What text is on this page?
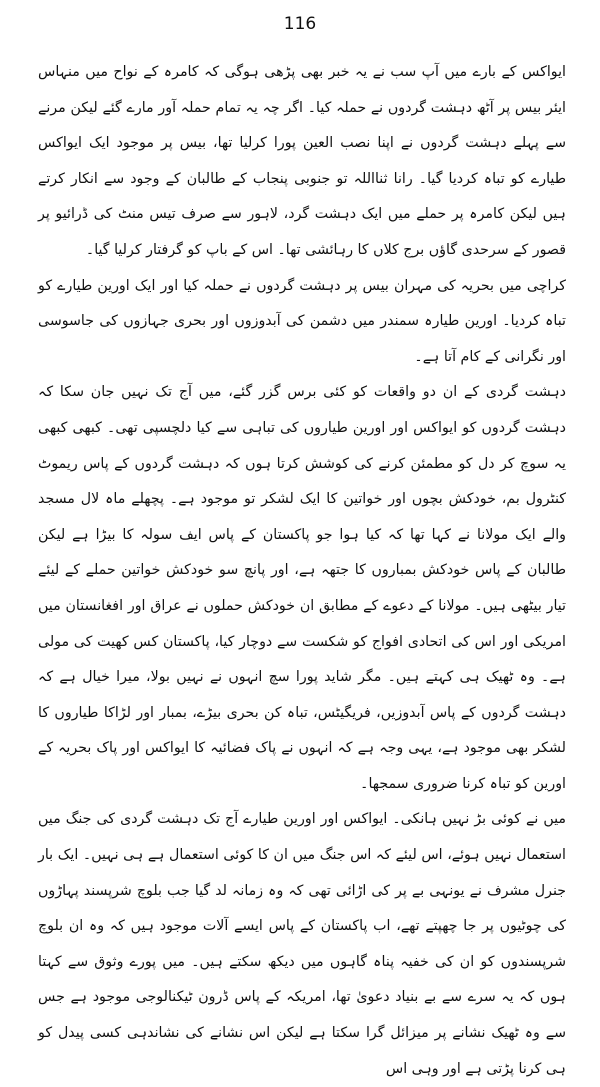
116

ایواکس کے بارے میں آپ سب نے یہ خبر بھی پڑھی ہوگی کہ کامرہ کے نواح میں منہاس ایئر بیس پر آٹھ دہشت گردوں نے حملہ کیا۔ اگر چہ یہ تمام حملہ آور مارے گئے لیکن مرنے سے پہلے دہشت گردوں نے اپنا نصب العین پورا کرلیا تھا، بیس پر موجود ایک ایواکس طیارے کو تباہ کردیا گیا۔ رانا ثنااللہ تو جنوبی پنجاب کے طالبان کے وجود سے انکار کرتے ہیں لیکن کامرہ پر حملے میں ایک دہشت گرد، لاہور سے صرف تیس منٹ کی ڈرائیو پر قصور کے سرحدی گاؤں برج کلاں کا رہائشی تھا۔ اس کے باپ کو گرفتار کرلیا گیا۔

کراچی میں بحریہ کی مہران بیس پر دہشت گردوں نے حملہ کیا اور ایک اورین طیارے کو تباہ کردیا۔ اورین طیارہ سمندر میں دشمن کی آبدوزوں اور بحری جہازوں کی جاسوسی اور نگرانی کے کام آتا ہے۔

دہشت گردی کے ان دو واقعات کو کئی برس گزر گئے، میں آج تک نہیں جان سکا کہ دہشت گردوں کو ایواکس اور اورین طیاروں کی تباہی سے کیا دلچسپی تھی۔ کبھی کبھی یہ سوچ کر دل کو مطمئن کرنے کی کوشش کرتا ہوں کہ دہشت گردوں کے پاس ریموٹ کنٹرول بم، خودکش بچوں اور خواتین کا ایک لشکر تو موجود ہے۔ پچھلے ماہ لال مسجد والے ایک مولانا نے کہا تھا کہ کیا ہوا جو پاکستان کے پاس ایف سولہ کا بیڑا ہے لیکن طالبان کے پاس خودکش بمباروں کا جتھہ ہے، اور پانچ سو خودکش خواتین حملے کے لیئے تیار بیٹھی ہیں۔ مولانا کے دعوے کے مطابق ان خودکش حملوں نے عراق اور افغانستان میں امریکی اور اس کی اتحادی افواج کو شکست سے دوچار کیا، پاکستان کس کھیت کی مولی ہے۔ وہ ٹھیک ہی کہتے ہیں۔ مگر شاید پورا سچ انہوں نے نہیں بولا، میرا خیال ہے کہ دہشت گردوں کے پاس آبدوزیں، فریگیٹس، تباہ کن بحری بیڑے، بمبار اور لڑاکا طیاروں کا لشکر بھی موجود ہے، یہی وجہ ہے کہ انہوں نے پاک فضائیہ کا ایواکس اور پاک بحریہ کے اورین کو تباہ کرنا ضروری سمجھا۔

میں نے کوئی بڑ نہیں ہانکی۔ ایواکس اور اورین طیارے آج تک دہشت گردی کی جنگ میں استعمال نہیں ہوئے، اس لیئے کہ اس جنگ میں ان کا کوئی استعمال ہے ہی نہیں۔ ایک بار جنرل مشرف نے یونہی بے پر کی اڑائی تھی کہ وہ زمانہ لد گیا جب بلوچ شرپسند پہاڑوں کی چوٹیوں پر جا چھپتے تھے، اب پاکستان کے پاس ایسے آلات موجود ہیں کہ وہ ان بلوچ شرپسندوں کو ان کی خفیہ پناہ گاہوں میں دیکھ سکتے ہیں۔ میں پورے وثوق سے کہتا ہوں کہ یہ سرے سے بے بنیاد دعویٰ تھا، امریکہ کے پاس ڈرون ٹیکنالوجی موجود ہے جس سے وہ ٹھیک نشانے پر میزائل گرا سکتا ہے لیکن اس نشانے کی نشاندہی کسی پیدل کو ہی کرنا پڑتی ہے اور وہی اس
